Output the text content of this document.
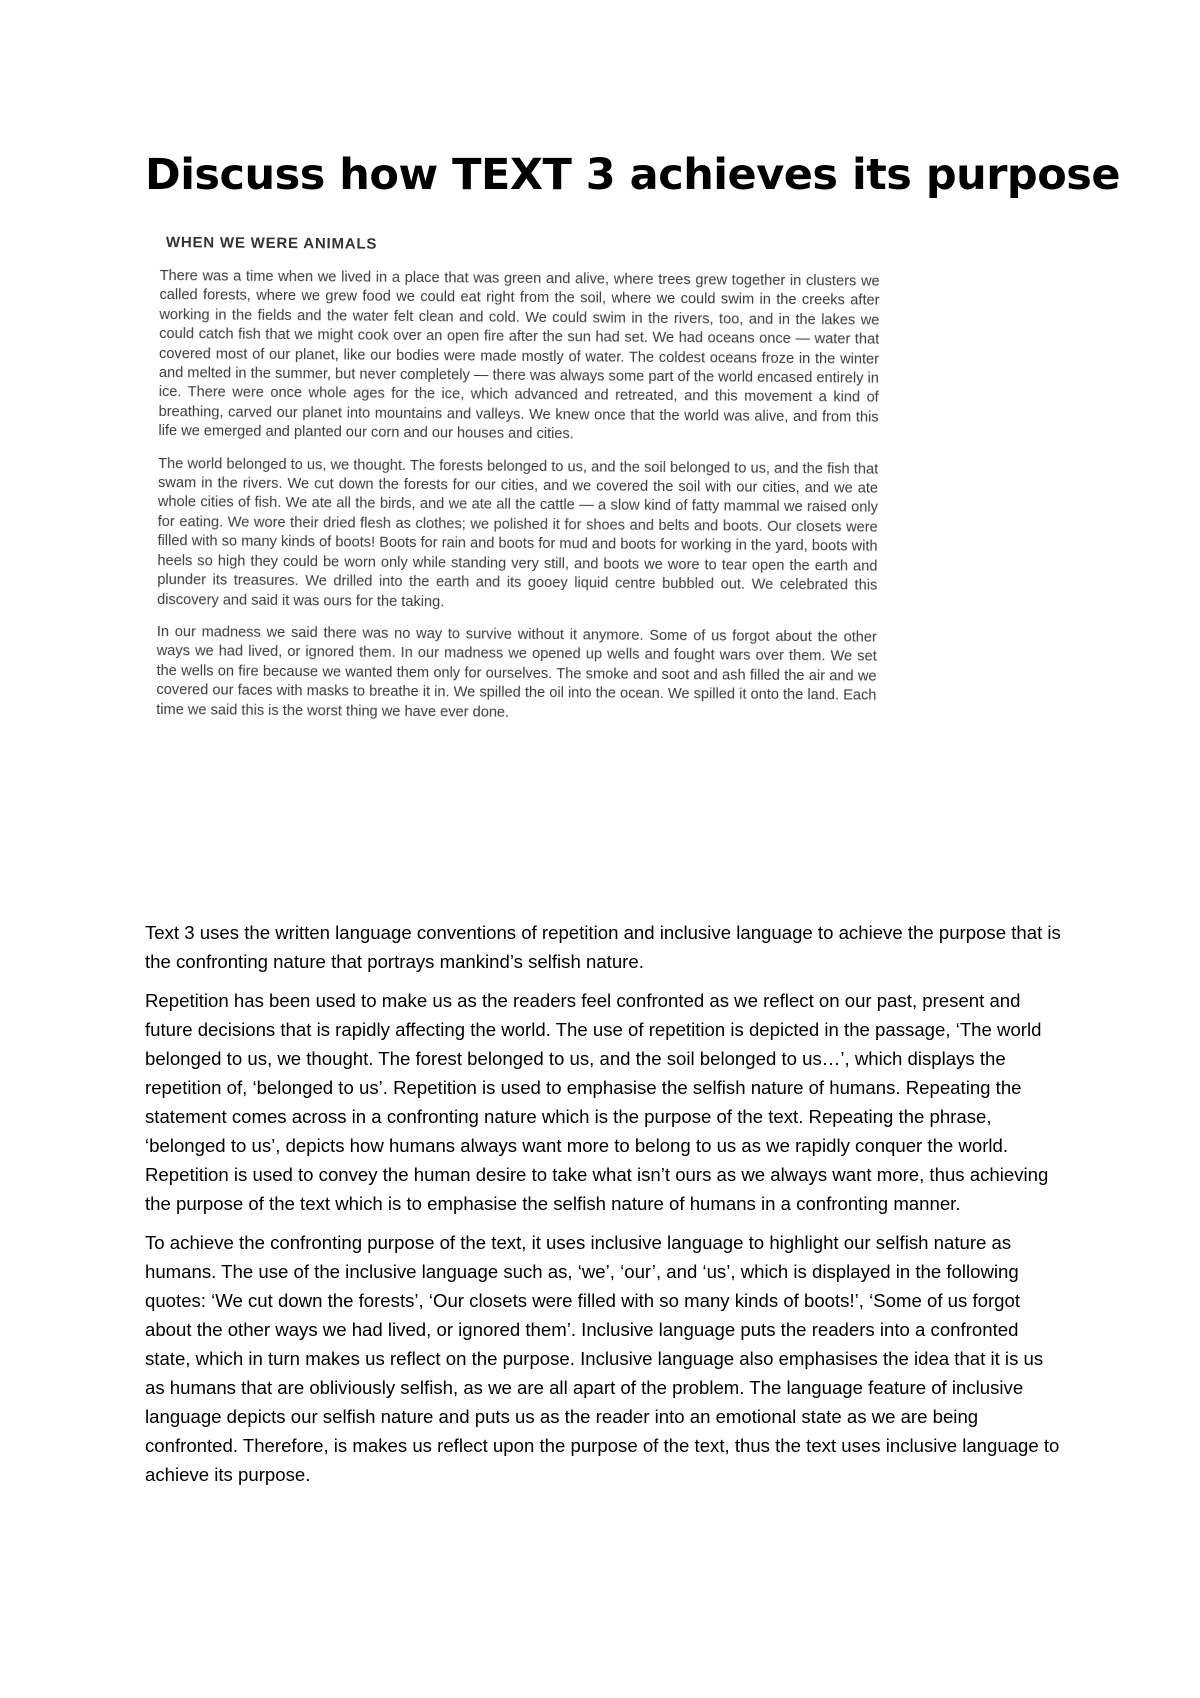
Discuss how TEXT 3 achieves its purpose
WHEN WE WERE ANIMALS

There was a time when we lived in a place that was green and alive, where trees grew together in clusters we called forests, where we grew food we could eat right from the soil, where we could swim in the creeks after working in the fields and the water felt clean and cold. We could swim in the rivers, too, and in the lakes we could catch fish that we might cook over an open fire after the sun had set. We had oceans once — water that covered most of our planet, like our bodies were made mostly of water. The coldest oceans froze in the winter and melted in the summer, but never completely — there was always some part of the world encased entirely in ice. There were once whole ages for the ice, which advanced and retreated, and this movement a kind of breathing, carved our planet into mountains and valleys. We knew once that the world was alive, and from this life we emerged and planted our corn and our houses and cities.

The world belonged to us, we thought. The forests belonged to us, and the soil belonged to us, and the fish that swam in the rivers. We cut down the forests for our cities, and we covered the soil with our cities, and we ate whole cities of fish. We ate all the birds, and we ate all the cattle — a slow kind of fatty mammal we raised only for eating. We wore their dried flesh as clothes; we polished it for shoes and belts and boots. Our closets were filled with so many kinds of boots! Boots for rain and boots for mud and boots for working in the yard, boots with heels so high they could be worn only while standing very still, and boots we wore to tear open the earth and plunder its treasures. We drilled into the earth and its gooey liquid centre bubbled out. We celebrated this discovery and said it was ours for the taking.

In our madness we said there was no way to survive without it anymore. Some of us forgot about the other ways we had lived, or ignored them. In our madness we opened up wells and fought wars over them. We set the wells on fire because we wanted them only for ourselves. The smoke and soot and ash filled the air and we covered our faces with masks to breathe it in. We spilled the oil into the ocean. We spilled it onto the land. Each time we said this is the worst thing we have ever done.

Text 3 uses the written language conventions of repetition and inclusive language to achieve the purpose that is the confronting nature that portrays mankind’s selfish nature.

Repetition has been used to make us as the readers feel confronted as we reflect on our past, present and future decisions that is rapidly affecting the world. The use of repetition is depicted in the passage, ‘The world belonged to us, we thought. The forest belonged to us, and the soil belonged to us…’, which displays the repetition of, ‘belonged to us’. Repetition is used to emphasise the selfish nature of humans. Repeating the statement comes across in a confronting nature which is the purpose of the text. Repeating the phrase, ‘belonged to us’, depicts how humans always want more to belong to us as we rapidly conquer the world. Repetition is used to convey the human desire to take what isn’t ours as we always want more, thus achieving the purpose of the text which is to emphasise the selfish nature of humans in a confronting manner.

To achieve the confronting purpose of the text, it uses inclusive language to highlight our selfish nature as humans. The use of the inclusive language such as, ‘we’, ‘our’, and ‘us’, which is displayed in the following quotes: ‘We cut down the forests’, ‘Our closets were filled with so many kinds of boots!’, ‘Some of us forgot about the other ways we had lived, or ignored them’. Inclusive language puts the readers into a confronted state, which in turn makes us reflect on the purpose. Inclusive language also emphasises the idea that it is us as humans that are obliviously selfish, as we are all apart of the problem. The language feature of inclusive language depicts our selfish nature and puts us as the reader into an emotional state as we are being confronted. Therefore, is makes us reflect upon the purpose of the text, thus the text uses inclusive language to achieve its purpose.
